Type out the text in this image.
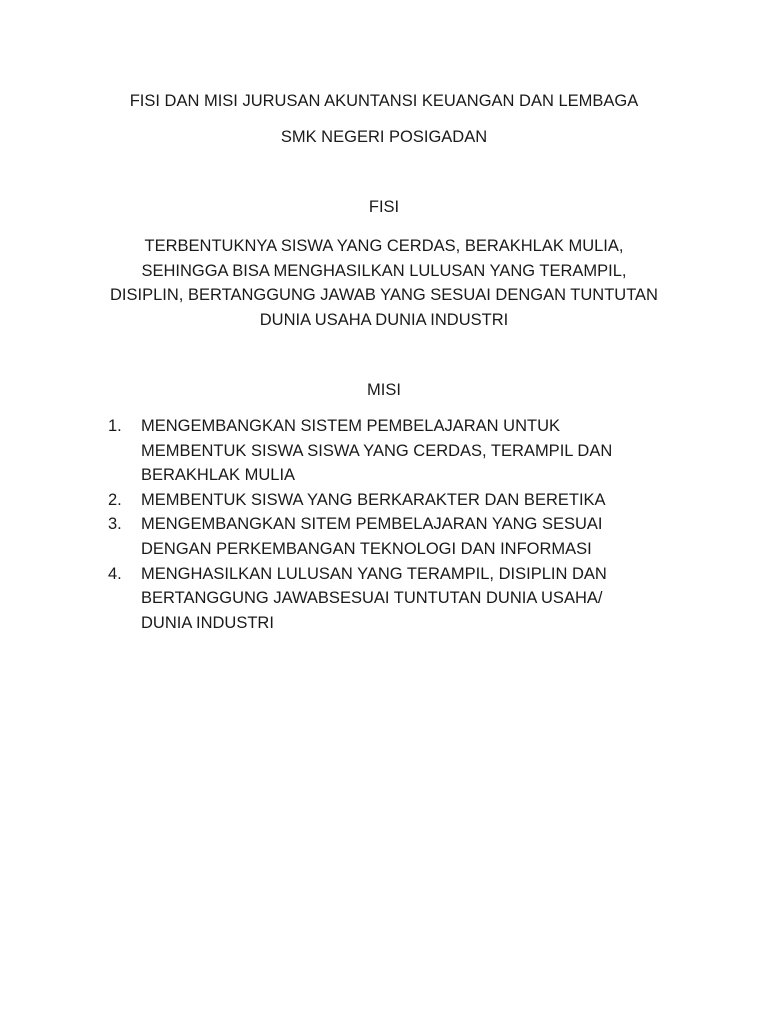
FISI DAN MISI JURUSAN AKUNTANSI KEUANGAN DAN LEMBAGA
SMK NEGERI POSIGADAN
FISI
TERBENTUKNYA SISWA YANG CERDAS, BERAKHLAK MULIA,
SEHINGGA BISA MENGHASILKAN LULUSAN YANG TERAMPIL,
DISIPLIN, BERTANGGUNG JAWAB YANG SESUAI DENGAN TUNTUTAN
DUNIA USAHA DUNIA INDUSTRI
MISI
1. MENGEMBANGKAN SISTEM PEMBELAJARAN UNTUK
MEMBENTUK SISWA SISWA YANG CERDAS, TERAMPIL DAN
BERAKHLAK MULIA
2. MEMBENTUK SISWA YANG BERKARAKTER DAN BERETIKA
3. MENGEMBANGKAN SITEM PEMBELAJARAN YANG SESUAI
DENGAN PERKEMBANGAN TEKNOLOGI DAN INFORMASI
4. MENGHASILKAN LULUSAN YANG TERAMPIL, DISIPLIN DAN
BERTANGGUNG JAWABSESUAI TUNTUTAN DUNIA USAHA/
DUNIA INDUSTRI
